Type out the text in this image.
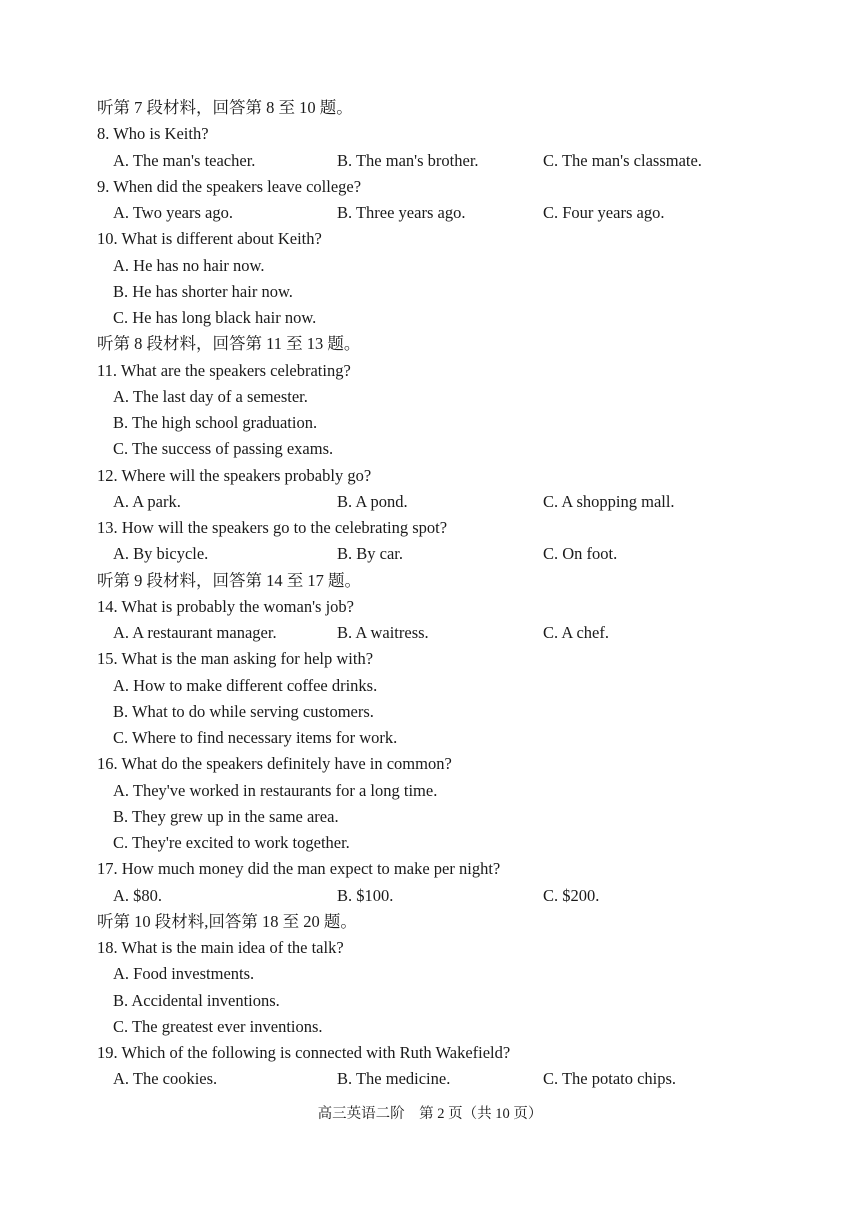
听第 7 段材料，回答第 8 至 10 题。
8. Who is Keith?
A. The man's teacher.	B. The man's brother.	C. The man's classmate.
9. When did the speakers leave college?
A. Two years ago.	B. Three years ago.	C. Four years ago.
10. What is different about Keith?
A. He has no hair now.
B. He has shorter hair now.
C. He has long black hair now.
听第 8 段材料，回答第 11 至 13 题。
11. What are the speakers celebrating?
A. The last day of a semester.
B. The high school graduation.
C. The success of passing exams.
12. Where will the speakers probably go?
A. A park.	B. A pond.	C. A shopping mall.
13. How will the speakers go to the celebrating spot?
A. By bicycle.	B. By car.	C. On foot.
听第 9 段材料，回答第 14 至 17 题。
14. What is probably the woman's job?
A. A restaurant manager.	B. A waitress.	C. A chef.
15. What is the man asking for help with?
A. How to make different coffee drinks.
B. What to do while serving customers.
C. Where to find necessary items for work.
16. What do the speakers definitely have in common?
A. They've worked in restaurants for a long time.
B. They grew up in the same area.
C. They're excited to work together.
17. How much money did the man expect to make per night?
A. $80.	B. $100.	C. $200.
听第 10 段材料,回答第 18 至 20 题。
18. What is the main idea of the talk?
A. Food investments.
B. Accidental inventions.
C. The greatest ever inventions.
19. Which of the following is connected with Ruth Wakefield?
A. The cookies.	B. The medicine.	C. The potato chips.
高三英语二阶　第 2 页（共 10 页）
